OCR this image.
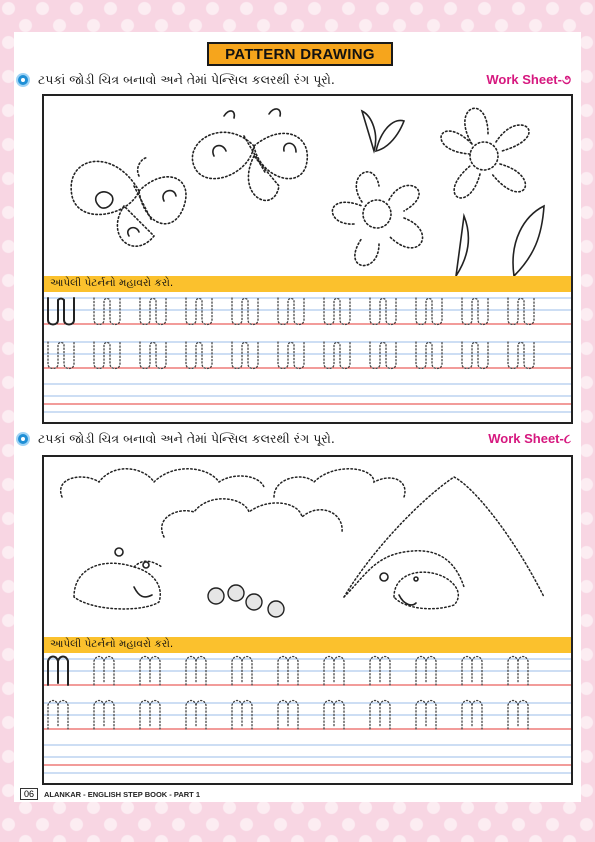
PATTERN DRAWING
ટપકાં જોડી ચિત્ર બનાવો અને તેમાં પેન્સિલ કલરથી રંગ પૂરો.	Work Sheet-૭
આપેલી પેટર્નનો મહાવરો કરો.
ટપકાં જોડી ચિત્ર બનાવો અને તેમાં પેન્સિલ કલરથી રંગ પૂરો.	Work Sheet-૮
આપેલી પેટર્નનો મહાવરો કરો.
06	ALANKAR - ENGLISH STEP BOOK - PART 1
